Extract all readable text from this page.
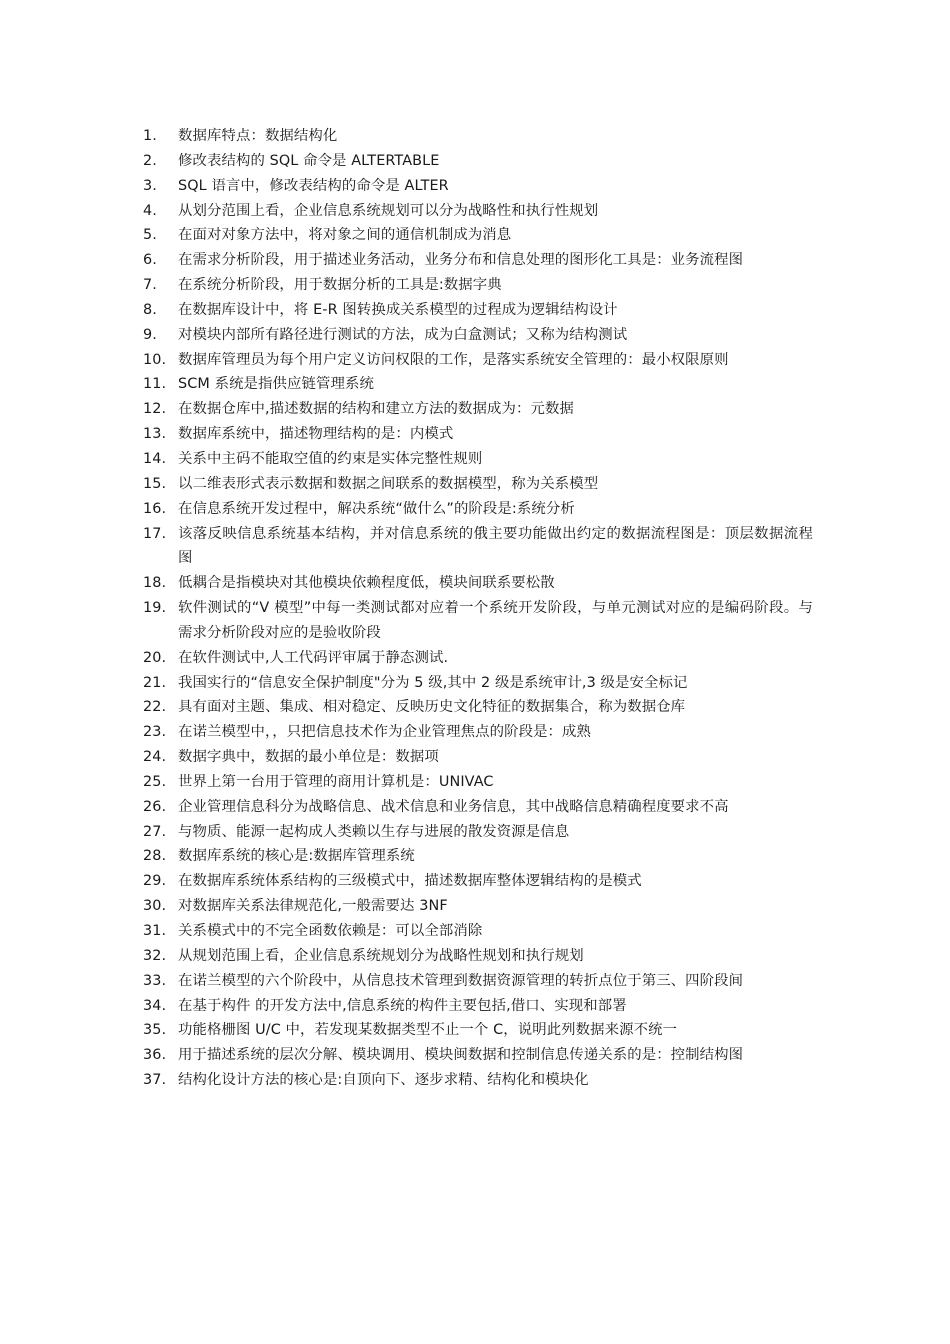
1.	数据库特点：数据结构化
2.	修改表结构的 SQL 命令是 ALTERTABLE
3.	SQL 语言中，修改表结构的命令是 ALTER
4.	从划分范围上看，企业信息系统规划可以分为战略性和执行性规划
5.	在面对对象方法中，将对象之间的通信机制成为消息
6.	在需求分析阶段，用于描述业务活动，业务分布和信息处理的图形化工具是：业务流程图
7.	在系统分析阶段，用于数据分析的工具是:数据字典
8.	在数据库设计中，将 E-R 图转换成关系模型的过程成为逻辑结构设计
9.	对模块内部所有路径进行测试的方法，成为白盒测试；又称为结构测试
10. 数据库管理员为每个用户定义访问权限的工作，是落实系统安全管理的：最小权限原则
11. SCM 系统是指供应链管理系统
12. 在数据仓库中,描述数据的结构和建立方法的数据成为：元数据
13. 数据库系统中，描述物理结构的是：内模式
14. 关系中主码不能取空值的约束是实体完整性规则
15. 以二维表形式表示数据和数据之间联系的数据模型，称为关系模型
16. 在信息系统开发过程中，解决系统“做什么”的阶段是:系统分析
17. 该落反映信息系统基本结构，并对信息系统的俄主要功能做出约定的数据流程图是：顶层数据流程图
18. 低耦合是指模块对其他模块依赖程度低，模块间联系要松散
19. 软件测试的“V 模型”中每一类测试都对应着一个系统开发阶段，与单元测试对应的是编码阶段。与需求分析阶段对应的是验收阶段
20. 在软件测试中,人工代码评审属于静态测试.
21. 我国实行的“信息安全保护制度"分为 5 级,其中 2 级是系统审计,3 级是安全标记
22. 具有面对主题、集成、相对稳定、反映历史文化特征的数据集合，称为数据仓库
23. 在诺兰模型中，，只把信息技术作为企业管理焦点的阶段是：成熟
24. 数据字典中，数据的最小单位是：数据项
25. 世界上第一台用于管理的商用计算机是：UNIVAC
26. 企业管理信息科分为战略信息、战术信息和业务信息，其中战略信息精确程度要求不高
27. 与物质、能源一起构成人类赖以生存与进展的散发资源是信息
28. 数据库系统的核心是:数据库管理系统
29. 在数据库系统体系结构的三级模式中，描述数据库整体逻辑结构的是模式
30. 对数据库关系法律规范化,一般需要达 3NF
31. 关系模式中的不完全函数依赖是：可以全部消除
32. 从规划范围上看，企业信息系统规划分为战略性规划和执行规划
33. 在诺兰模型的六个阶段中，从信息技术管理到数据资源管理的转折点位于第三、四阶段间
34. 在基于构件 的开发方法中,信息系统的构件主要包括,借口、实现和部署
35. 功能格栅图 U/C 中，若发现某数据类型不止一个 C，说明此列数据来源不统一
36. 用于描述系统的层次分解、模块调用、模块闽数据和控制信息传递关系的是：控制结构图
37. 结构化设计方法的核心是:自顶向下、逐步求精、结构化和模块化
